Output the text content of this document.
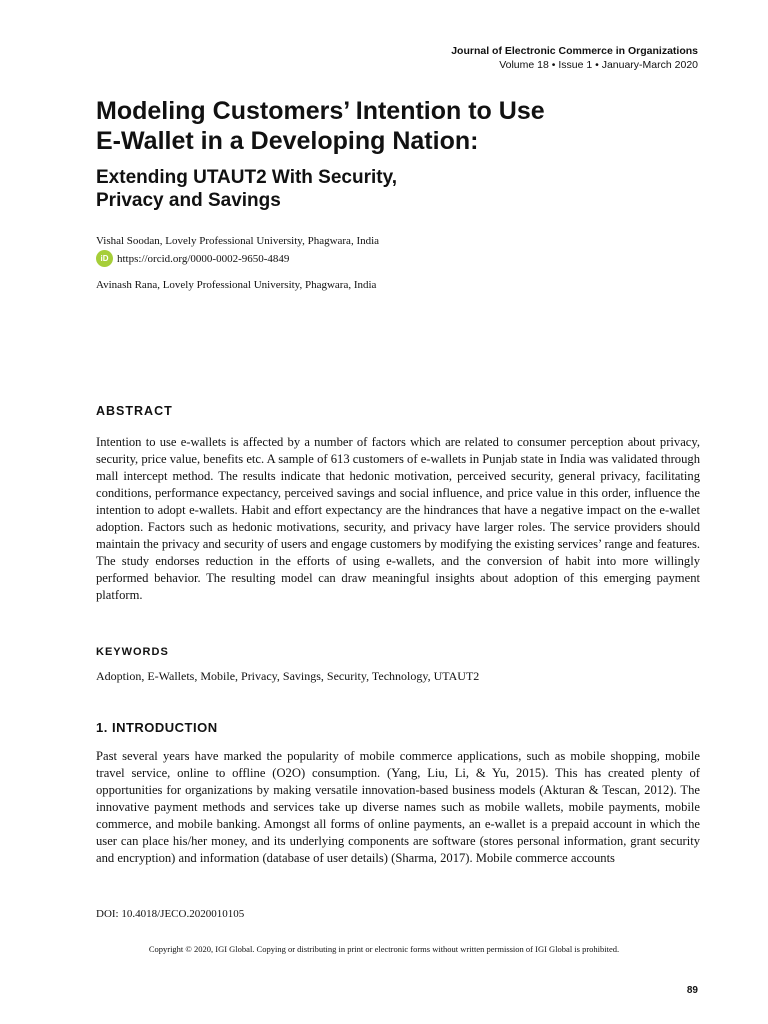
Journal of Electronic Commerce in Organizations
Volume 18 • Issue 1 • January-March 2020
Modeling Customers’ Intention to Use
E-Wallet in a Developing Nation:
Extending UTAUT2 With Security,
Privacy and Savings
Vishal Soodan, Lovely Professional University, Phagwara, India
iD https://orcid.org/0000-0002-9650-4849
Avinash Rana, Lovely Professional University, Phagwara, India
ABSTRACT

Intention to use e-wallets is affected by a number of factors which are related to consumer perception about privacy, security, price value, benefits etc. A sample of 613 customers of e-wallets in Punjab state in India was validated through mall intercept method. The results indicate that hedonic motivation, perceived security, general privacy, facilitating conditions, performance expectancy, perceived savings and social influence, and price value in this order, influence the intention to adopt e-wallets. Habit and effort expectancy are the hindrances that have a negative impact on the e-wallet adoption. Factors such as hedonic motivations, security, and privacy have larger roles. The service providers should maintain the privacy and security of users and engage customers by modifying the existing services’ range and features. The study endorses reduction in the efforts of using e-wallets, and the conversion of habit into more willingly performed behavior. The resulting model can draw meaningful insights about adoption of this emerging payment platform.

KEYWORDS

Adoption, E-Wallets, Mobile, Privacy, Savings, Security, Technology, UTAUT2

1. INTRODUCTION

Past several years have marked the popularity of mobile commerce applications, such as mobile shopping, mobile travel service, online to offline (O2O) consumption. (Yang, Liu, Li, & Yu, 2015). This has created plenty of opportunities for organizations by making versatile innovation-based business models (Akturan & Tescan, 2012). The innovative payment methods and services take up diverse names such as mobile wallets, mobile payments, mobile commerce, and mobile banking. Amongst all forms of online payments, an e-wallet is a prepaid account in which the user can place his/her money, and its underlying components are software (stores personal information, grant security and encryption) and information (database of user details) (Sharma, 2017). Mobile commerce accounts

DOI: 10.4018/JECO.2020010105
Copyright © 2020, IGI Global. Copying or distributing in print or electronic forms without written permission of IGI Global is prohibited.
89
